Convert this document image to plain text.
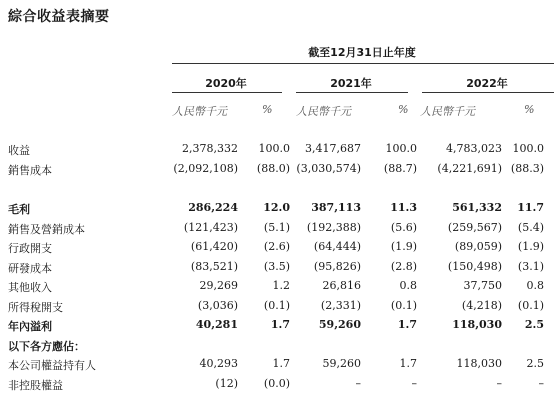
綜合收益表摘要
截至12月31日止年度
2020年	2021年	2022年
人民幣千元	% 人民幣千元	% 人民幣千元	%
收益	2,378,332 100.0 3,417,687 100.0	4,783,023 100.0
銷售成本	(2,092,108) (88.0) (3,030,574) (88.7) (4,221,691) (88.3)
毛利	286,224 12.0 387,113	11.3	561,332 11.7
銷售及營銷成本	(121,423) (5.1) (192,388)	(5.6)	(259,567) (5.4)
行政開支	(61,420) (2.6) (64,444)	(1.9)	(89,059) (1.9)
研發成本	(83,521) (3.5) (95,826)	(2.8)	(150,498) (3.1)
其他收入	29,269	1.2	26,816	0.8	37,750 0.8
所得稅開支	(3,036) (0.1)	(2,331)	(0.1)	(4,218) (0.1)
年內溢利	40,281	1.7	59,260	1.7	118,030 2.5
以下各方應佔：
本公司權益持有人	40,293	1.7	59,260	1.7	118,030 2.5
非控股權益	(12) (0.0)	–	–	–	–
